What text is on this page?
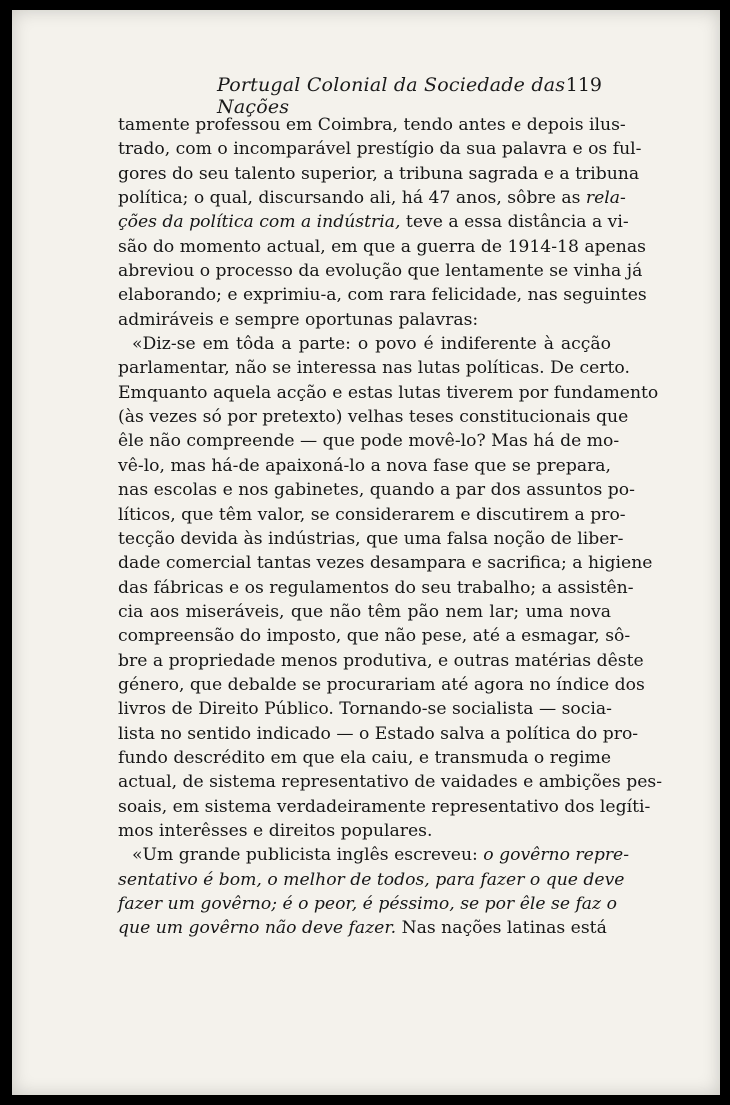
Portugal Colonial da Sociedade das Nações
119
tamente professou em Coimbra, tendo antes e depois ilus-
trado, com o incomparável prestígio da sua palavra e os ful-
gores do seu talento superior, a tribuna sagrada e a tribuna
política; o qual, discursando ali, há 47 anos, sôbre as rela-
ções da política com a indústria, teve a essa distância a vi-
são do momento actual, em que a guerra de 1914-18 apenas
abreviou o processo da evolução que lentamente se vinha já
elaborando; e exprimiu-a, com rara felicidade, nas seguintes
admiráveis e sempre oportunas palavras:
«Diz-se em tôda a parte: o povo é indiferente à acção
parlamentar, não se interessa nas lutas políticas. De certo.
Emquanto aquela acção e estas lutas tiverem por fundamento
(às vezes só por pretexto) velhas teses constitucionais que
êle não compreende — que pode movê-lo? Mas há de mo-
vê-lo, mas há-de apaixoná-lo a nova fase que se prepara,
nas escolas e nos gabinetes, quando a par dos assuntos po-
líticos, que têm valor, se considerarem e discutirem a pro-
tecção devida às indústrias, que uma falsa noção de liber-
dade comercial tantas vezes desampara e sacrifica; a higiene
das fábricas e os regulamentos do seu trabalho; a assistên-
cia aos miseráveis, que não têm pão nem lar; uma nova
compreensão do imposto, que não pese, até a esmagar, sô-
bre a propriedade menos produtiva, e outras matérias dêste
género, que debalde se procurariam até agora no índice dos
livros de Direito Público. Tornando-se socialista — socia-
lista no sentido indicado — o Estado salva a política do pro-
fundo descrédito em que ela caiu, e transmuda o regime
actual, de sistema representativo de vaidades e ambições pes-
soais, em sistema verdadeiramente representativo dos legíti-
mos interêsses e direitos populares.
«Um grande publicista inglês escreveu: o govêrno repre-
sentativo é bom, o melhor de todos, para fazer o que deve
fazer um govêrno; é o peor, é péssimo, se por êle se faz o
que um govêrno não deve fazer. Nas nações latinas está
